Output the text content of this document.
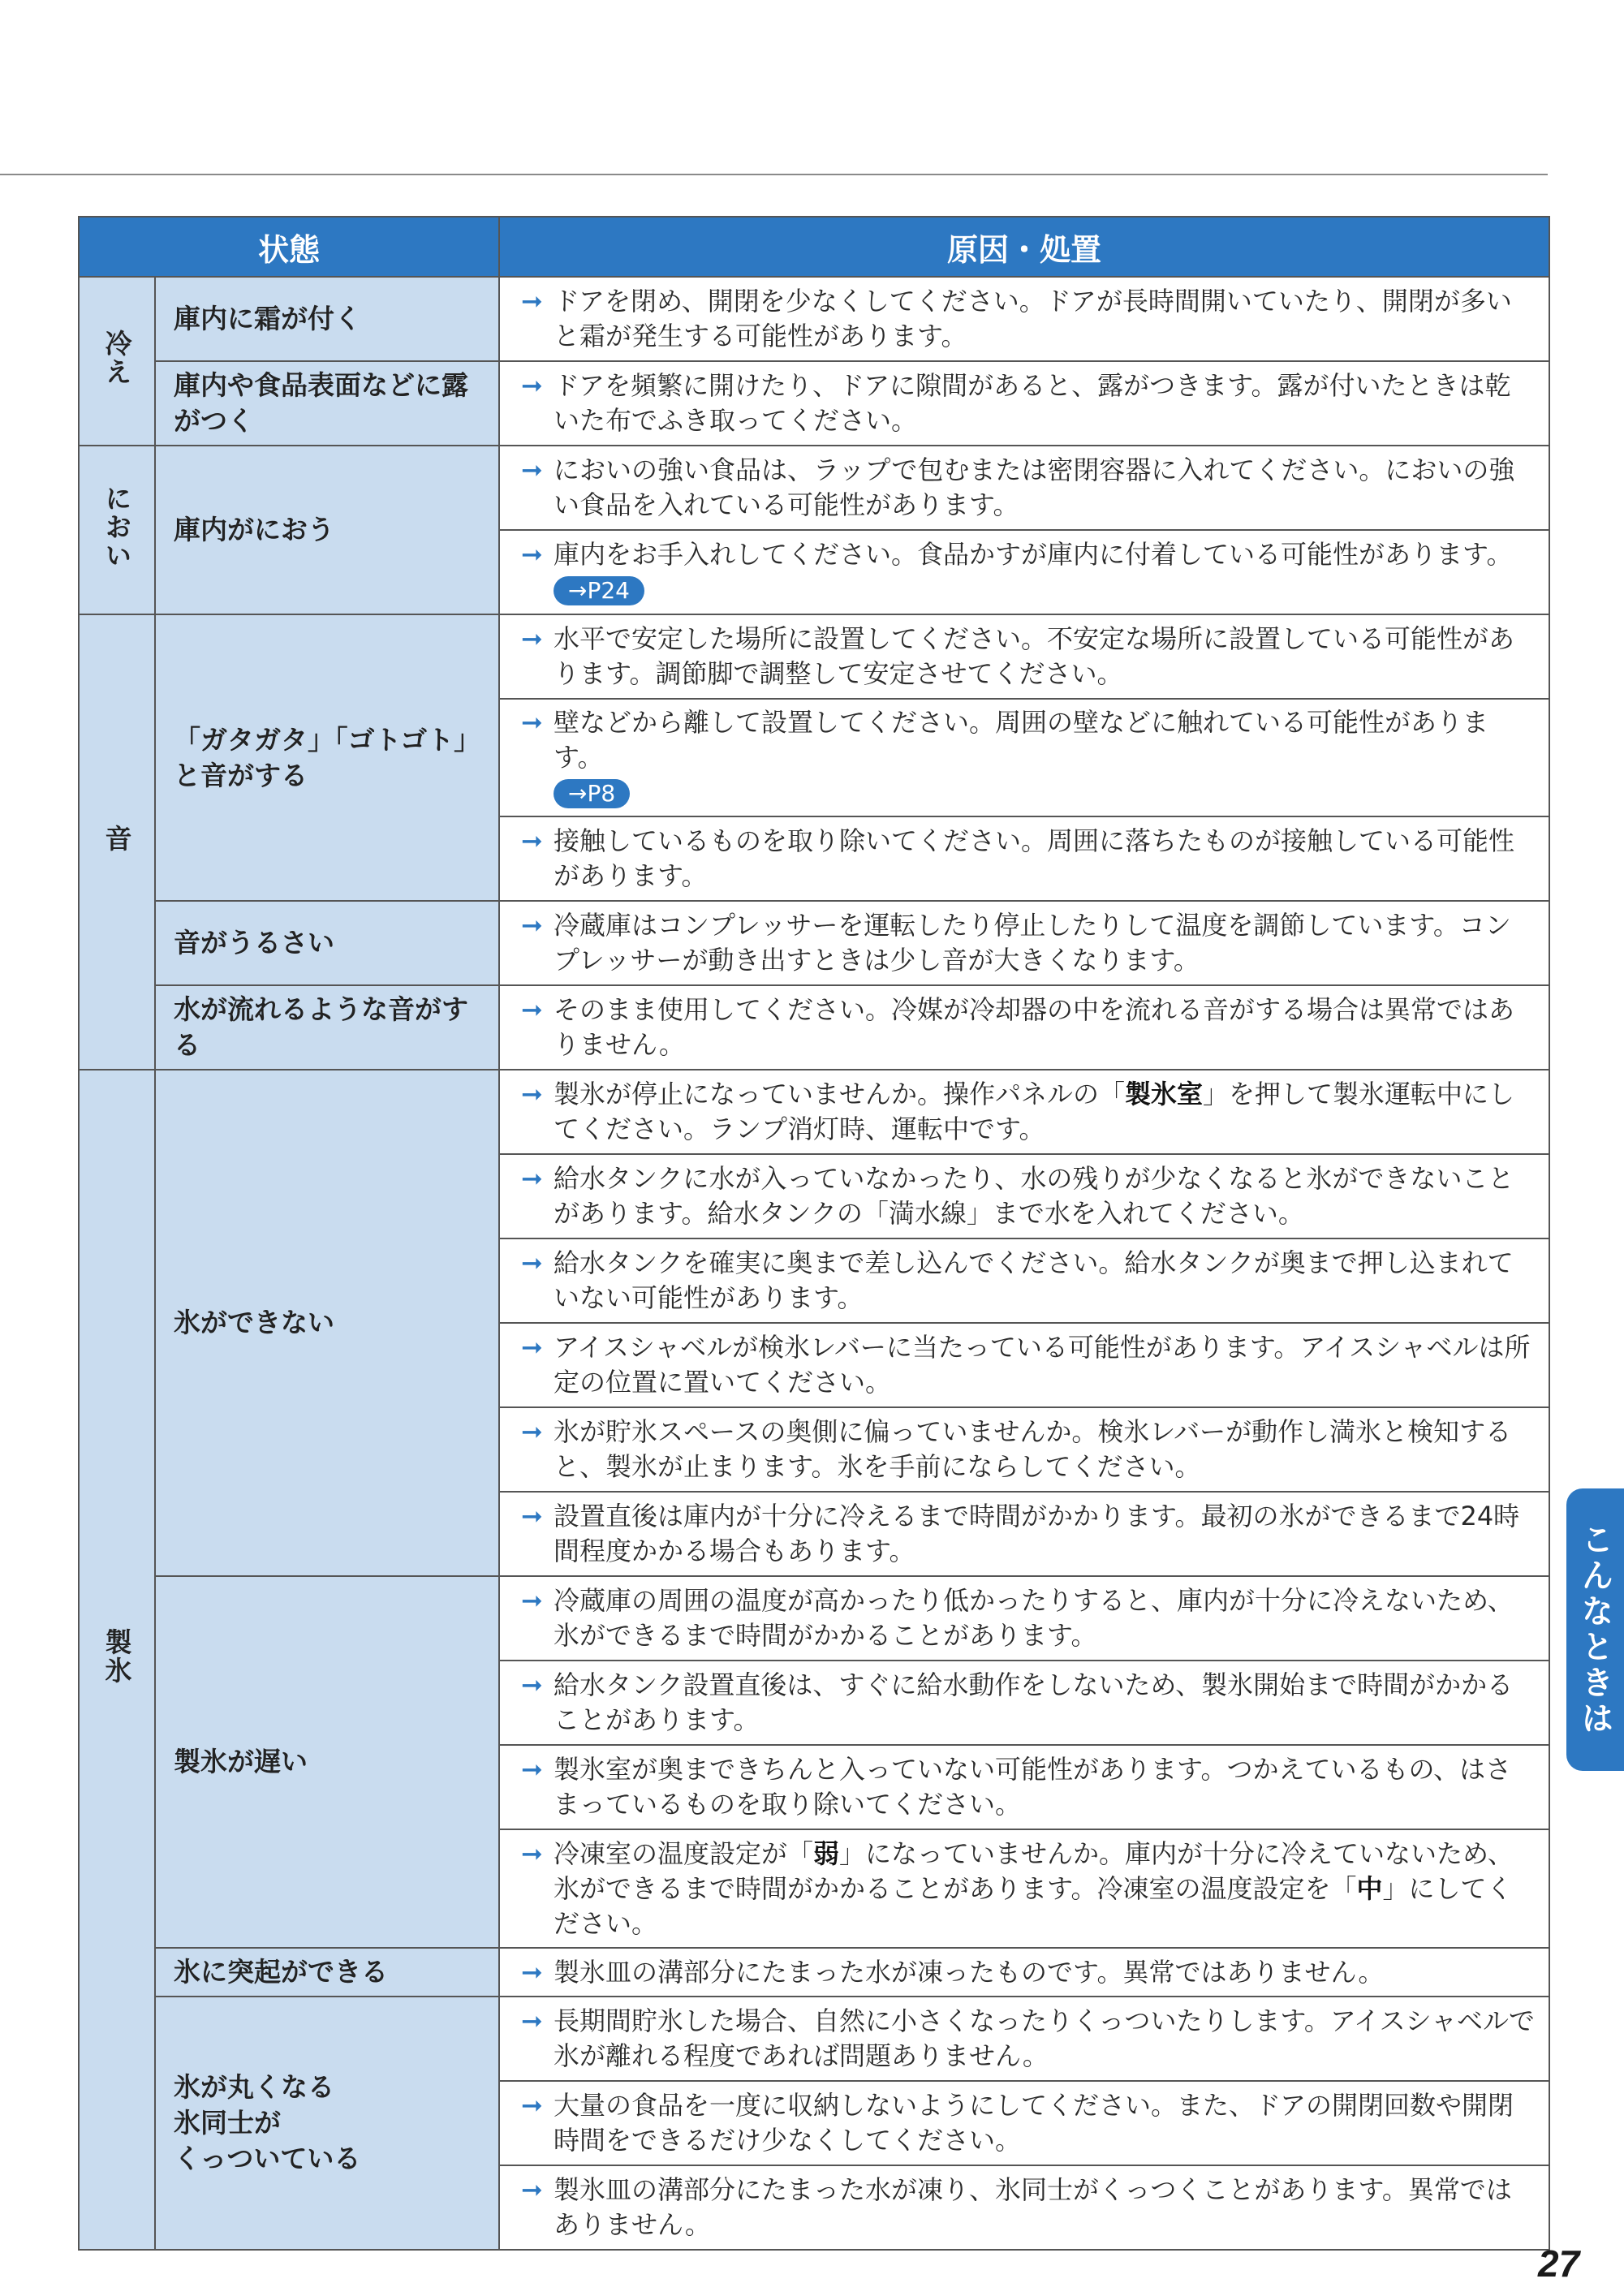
状態		原因・処置
冷え	庫内に霜が付く	➞ ドアを閉め、開閉を少なくしてください。ドアが長時間開いていたり、開閉が多いと霜が発生する可能性があります。

	庫内や食品表面などに露がつく	➞ ドアを頻繁に開けたり、ドアに隙間があると、露がつきます。露が付いたときは乾いた布でふき取ってください。

におい	庫内がにおう	➞ においの強い食品は、ラップで包むまたは密閉容器に入れてください。においの強い食品を入れている可能性があります。

		➞ 庫内をお手入れしてください。食品かすが庫内に付着している可能性があります。
→P24

音	「ガタガタ」「ゴトゴト」と音がする	➞ 水平で安定した場所に設置してください。不安定な場所に設置している可能性があります。調節脚で調整して安定させてください。

		➞ 壁などから離して設置してください。周囲の壁などに触れている可能性があります。
→P8

		➞ 接触しているものを取り除いてください。周囲に落ちたものが接触している可能性があります。

	音がうるさい	➞ 冷蔵庫はコンプレッサーを運転したり停止したりして温度を調節しています。コンプレッサーが動き出すときは少し音が大きくなります。

	水が流れるような音がする	➞ そのまま使用してください。冷媒が冷却器の中を流れる音がする場合は異常ではありません。

製氷	氷ができない	➞ 製氷が停止になっていませんか。操作パネルの「製氷室」を押して製氷運転中にしてください。ランプ消灯時、運転中です。

		➞ 給水タンクに水が入っていなかったり、水の残りが少なくなると氷ができないことがあります。給水タンクの「満水線」まで水を入れてください。

		➞ 給水タンクを確実に奥まで差し込んでください。給水タンクが奥まで押し込まれていない可能性があります。

		➞ アイスシャベルが検氷レバーに当たっている可能性があります。アイスシャベルは所定の位置に置いてください。

		➞ 氷が貯氷スペースの奥側に偏っていませんか。検氷レバーが動作し満氷と検知すると、製氷が止まります。氷を手前にならしてください。

		➞ 設置直後は庫内が十分に冷えるまで時間がかかります。最初の氷ができるまで24時間程度かかる場合もあります。

	製氷が遅い	➞ 冷蔵庫の周囲の温度が高かったり低かったりすると、庫内が十分に冷えないため、氷ができるまで時間がかかることがあります。

		➞ 給水タンク設置直後は、すぐに給水動作をしないため、製氷開始まで時間がかかることがあります。

		➞ 製氷室が奥まできちんと入っていない可能性があります。つかえているもの、はさまっているものを取り除いてください。

		➞ 冷凍室の温度設定が「弱」になっていませんか。庫内が十分に冷えていないため、氷ができるまで時間がかかることがあります。冷凍室の温度設定を「中」にしてください。

	氷に突起ができる	➞ 製氷皿の溝部分にたまった水が凍ったものです。異常ではありません。

	氷が丸くなる
氷同士が
くっついている	➞ 長期間貯氷した場合、自然に小さくなったりくっついたりします。アイスシャベルで氷が離れる程度であれば問題ありません。

		➞ 大量の食品を一度に収納しないようにしてください。また、ドアの開閉回数や開閉時間をできるだけ少なくしてください。

		➞ 製氷皿の溝部分にたまった水が凍り、氷同士がくっつくことがあります。異常ではありません。
こんなときは
27
